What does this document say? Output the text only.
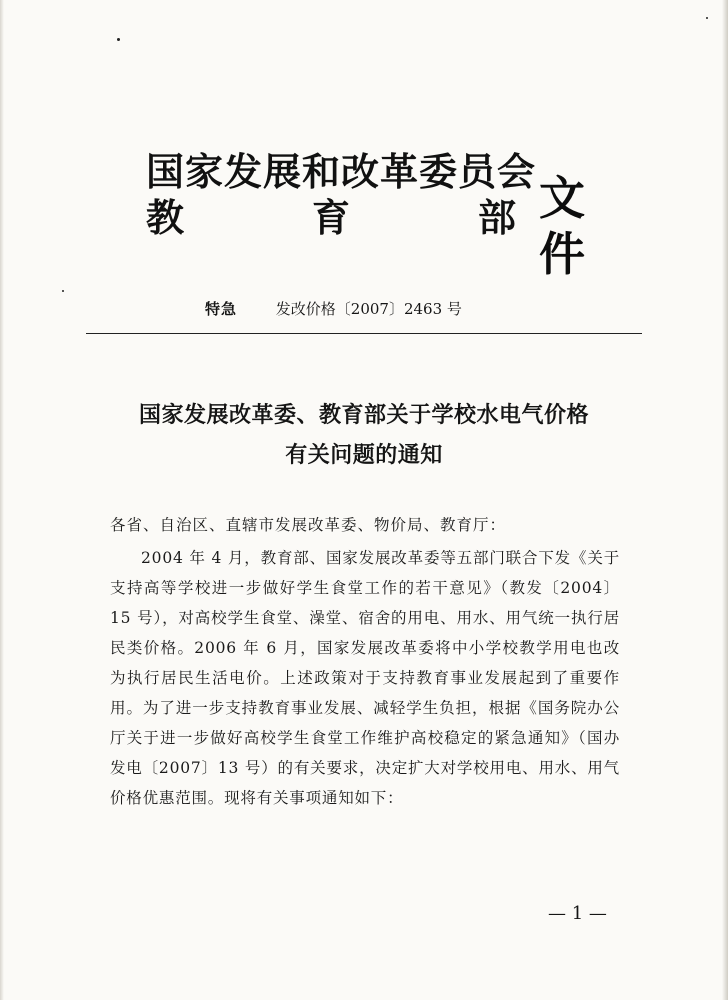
国家发展和改革委员会
教	育	部 文件
特急	发改价格〔2007〕2463 号
国家发展改革委、教育部关于学校水电气价格
有关问题的通知
各省、自治区、直辖市发展改革委、物价局、教育厅：
2004 年 4 月，教育部、国家发展改革委等五部门联合下发《关于支持高等学校进一步做好学生食堂工作的若干意见》（教发〔2004〕15 号），对高校学生食堂、澡堂、宿舍的用电、用水、用气统一执行居民类价格。2006 年 6 月，国家发展改革委将中小学校教学用电也改为执行居民生活电价。上述政策对于支持教育事业发展起到了重要作用。为了进一步支持教育事业发展、减轻学生负担，根据《国务院办公厅关于进一步做好高校学生食堂工作维护高校稳定的紧急通知》（国办发电〔2007〕13 号）的有关要求，决定扩大对学校用电、用水、用气价格优惠范围。现将有关事项通知如下：
— 1 —
